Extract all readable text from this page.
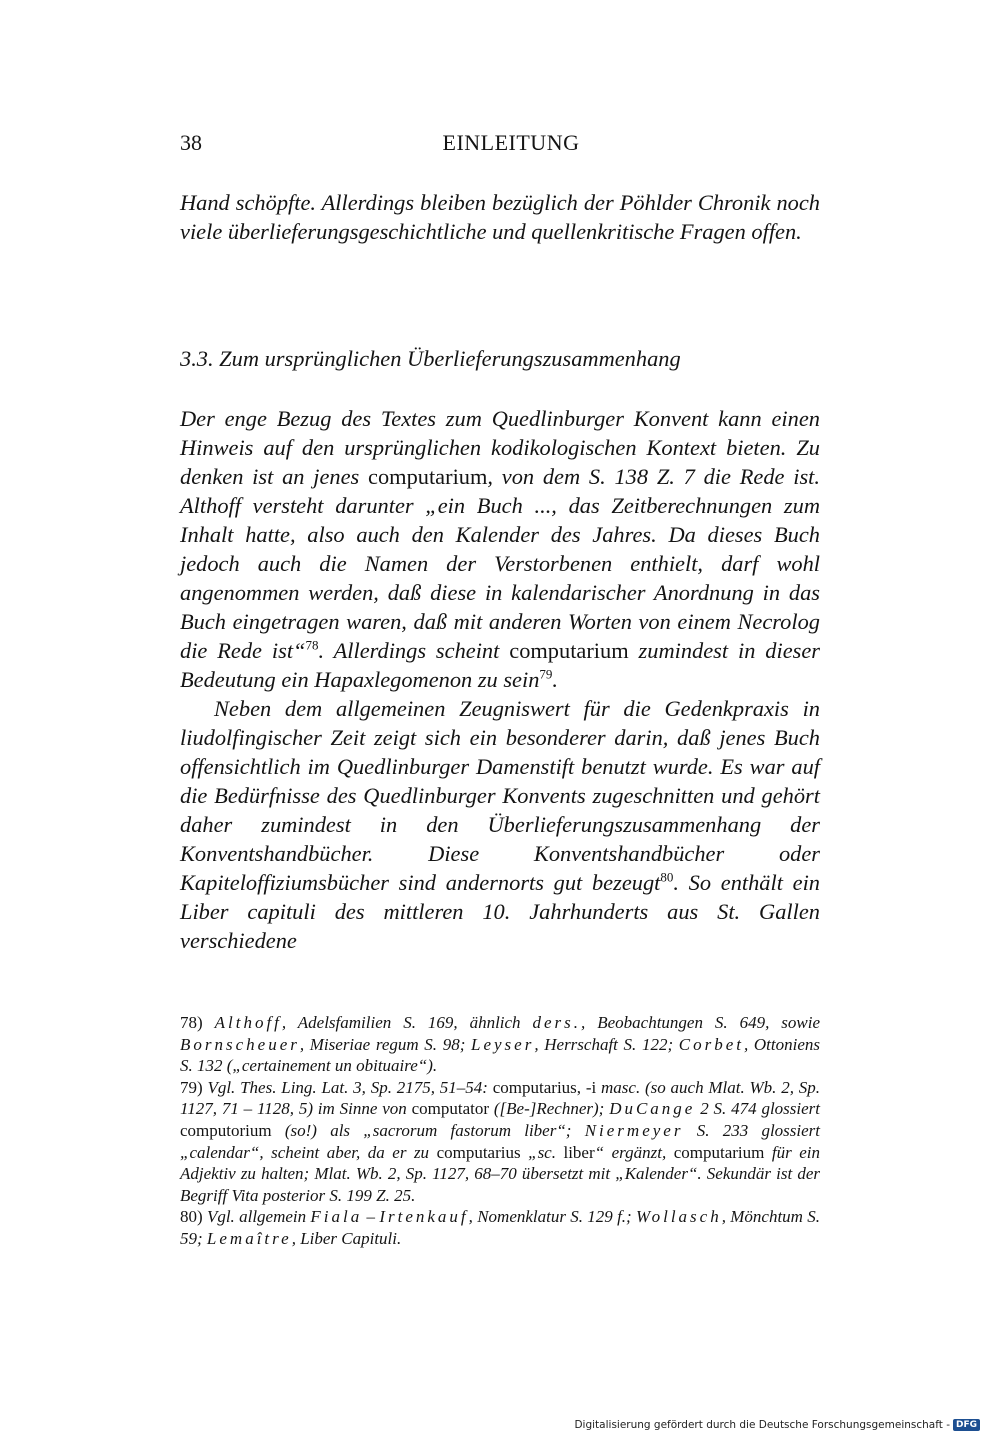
38	EINLEITUNG

Hand schöpfte. Allerdings bleiben bezüglich der Pöhlder Chronik noch viele überlieferungsgeschichtliche und quellenkritische Fragen offen.

3.3. Zum ursprünglichen Überlieferungszusammenhang

Der enge Bezug des Textes zum Quedlinburger Konvent kann einen Hinweis auf den ursprünglichen kodikologischen Kontext bieten. Zu denken ist an jenes computarium, von dem S. 138 Z. 7 die Rede ist. Althoff versteht darunter „ein Buch ..., das Zeitberechnungen zum Inhalt hatte, also auch den Kalender des Jahres. Da dieses Buch jedoch auch die Namen der Verstorbenen enthielt, darf wohl angenommen werden, daß diese in kalendarischer Anordnung in das Buch eingetragen waren, daß mit anderen Worten von einem Necrolog die Rede ist“$^{78}$. Allerdings scheint computarium zumindest in dieser Bedeutung ein Hapaxlegomenon zu sein$^{79}$.

Neben dem allgemeinen Zeugniswert für die Gedenkpraxis in liudolfingischer Zeit zeigt sich ein besonderer darin, daß jenes Buch offensichtlich im Quedlinburger Damenstift benutzt wurde. Es war auf die Bedürfnisse des Quedlinburger Konvents zugeschnitten und gehört daher zumindest in den Überlieferungszusammenhang der Konventshandbücher. Diese Konventshandbücher oder Kapiteloffiziumsbücher sind andernorts gut bezeugt$^{80}$. So enthält ein Liber capituli des mittleren 10. Jahrhunderts aus St. Gallen verschiedene

78) Althoff, Adelsfamilien S. 169, ähnlich ders., Beobachtungen S. 649, sowie Bornscheuer, Miseriae regum S. 98; Leyser, Herrschaft S. 122; Corbet, Ottoniens S. 132 („certainement un obituaire“).

79) Vgl. Thes. Ling. Lat. 3, Sp. 2175, 51–54: computarius, -i masc. (so auch Mlat. Wb. 2, Sp. 1127, 71 – 1128, 5) im Sinne von computator ([Be-]Rechner); DuCange 2 S. 474 glossiert computorium (so!) als „sacrorum fastorum liber“; Niermeyer S. 233 glossiert „calendar“, scheint aber, da er zu computarius „sc. liber“ ergänzt, computarium für ein Adjektiv zu halten; Mlat. Wb. 2, Sp. 1127, 68–70 übersetzt mit „Kalender“. Sekundär ist der Begriff Vita posterior S. 199 Z. 25.

80) Vgl. allgemein Fiala – Irtenkauf, Nomenklatur S. 129 f.; Wollasch, Mönchtum S. 59; Lemaître, Liber Capituli.

Digitalisierung gefördert durch die Deutsche Forschungsgemeinschaft - DFG
